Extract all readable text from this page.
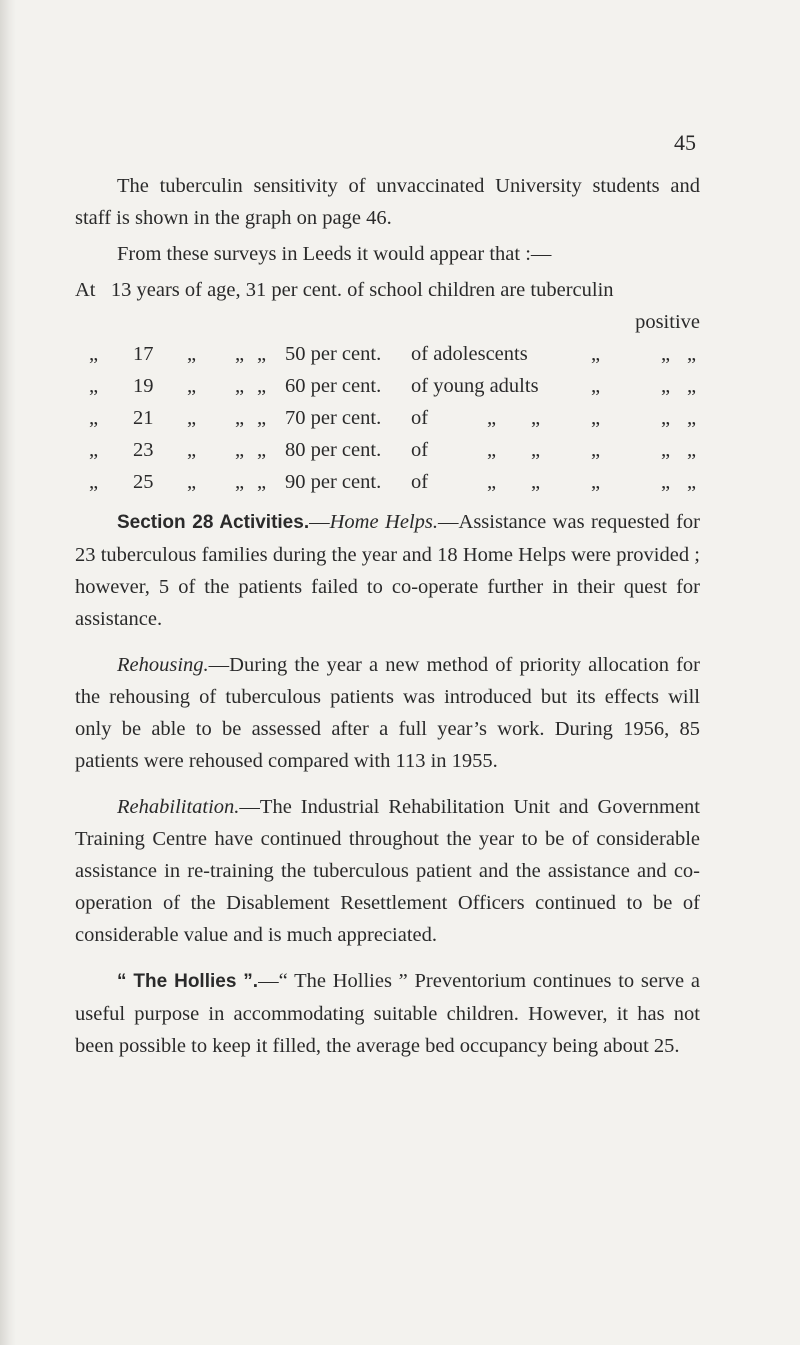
45

The tuberculin sensitivity of unvaccinated University students and staff is shown in the graph on page 46.

From these surveys in Leeds it would appear that :—

At 13 years of age, 31 per cent. of school children are tuberculin
positive
„ 17 „ „ „ 50 per cent. of adolescents	„	„ „
„ 19 „ „ „ 60 per cent. of young adults	„	„ „
„ 21 „ „ „ 70 per cent. of	„ „ „	„ „
„ 23 „ „ „ 80 per cent. of	„ „ „	„ „
„ 25 „ „ „ 90 per cent. of	„ „ „	„ „

Section 28 Activities.—Home Helps.—Assistance was requested for 23 tuberculous families during the year and 18 Home Helps were provided ; however, 5 of the patients failed to co-operate further in their quest for assistance.

Rehousing.—During the year a new method of priority allocation for the rehousing of tuberculous patients was introduced but its effects will only be able to be assessed after a full year’s work. During 1956, 85 patients were rehoused compared with 113 in 1955.

Rehabilitation.—The Industrial Rehabilitation Unit and Government Training Centre have continued throughout the year to be of considerable assistance in re-training the tuberculous patient and the assistance and co-operation of the Disablement Resettlement Officers continued to be of considerable value and is much appreciated.

“ The Hollies ”.—“ The Hollies ” Preventorium continues to serve a useful purpose in accommodating suitable children. However, it has not been possible to keep it filled, the average bed occupancy being about 25.
